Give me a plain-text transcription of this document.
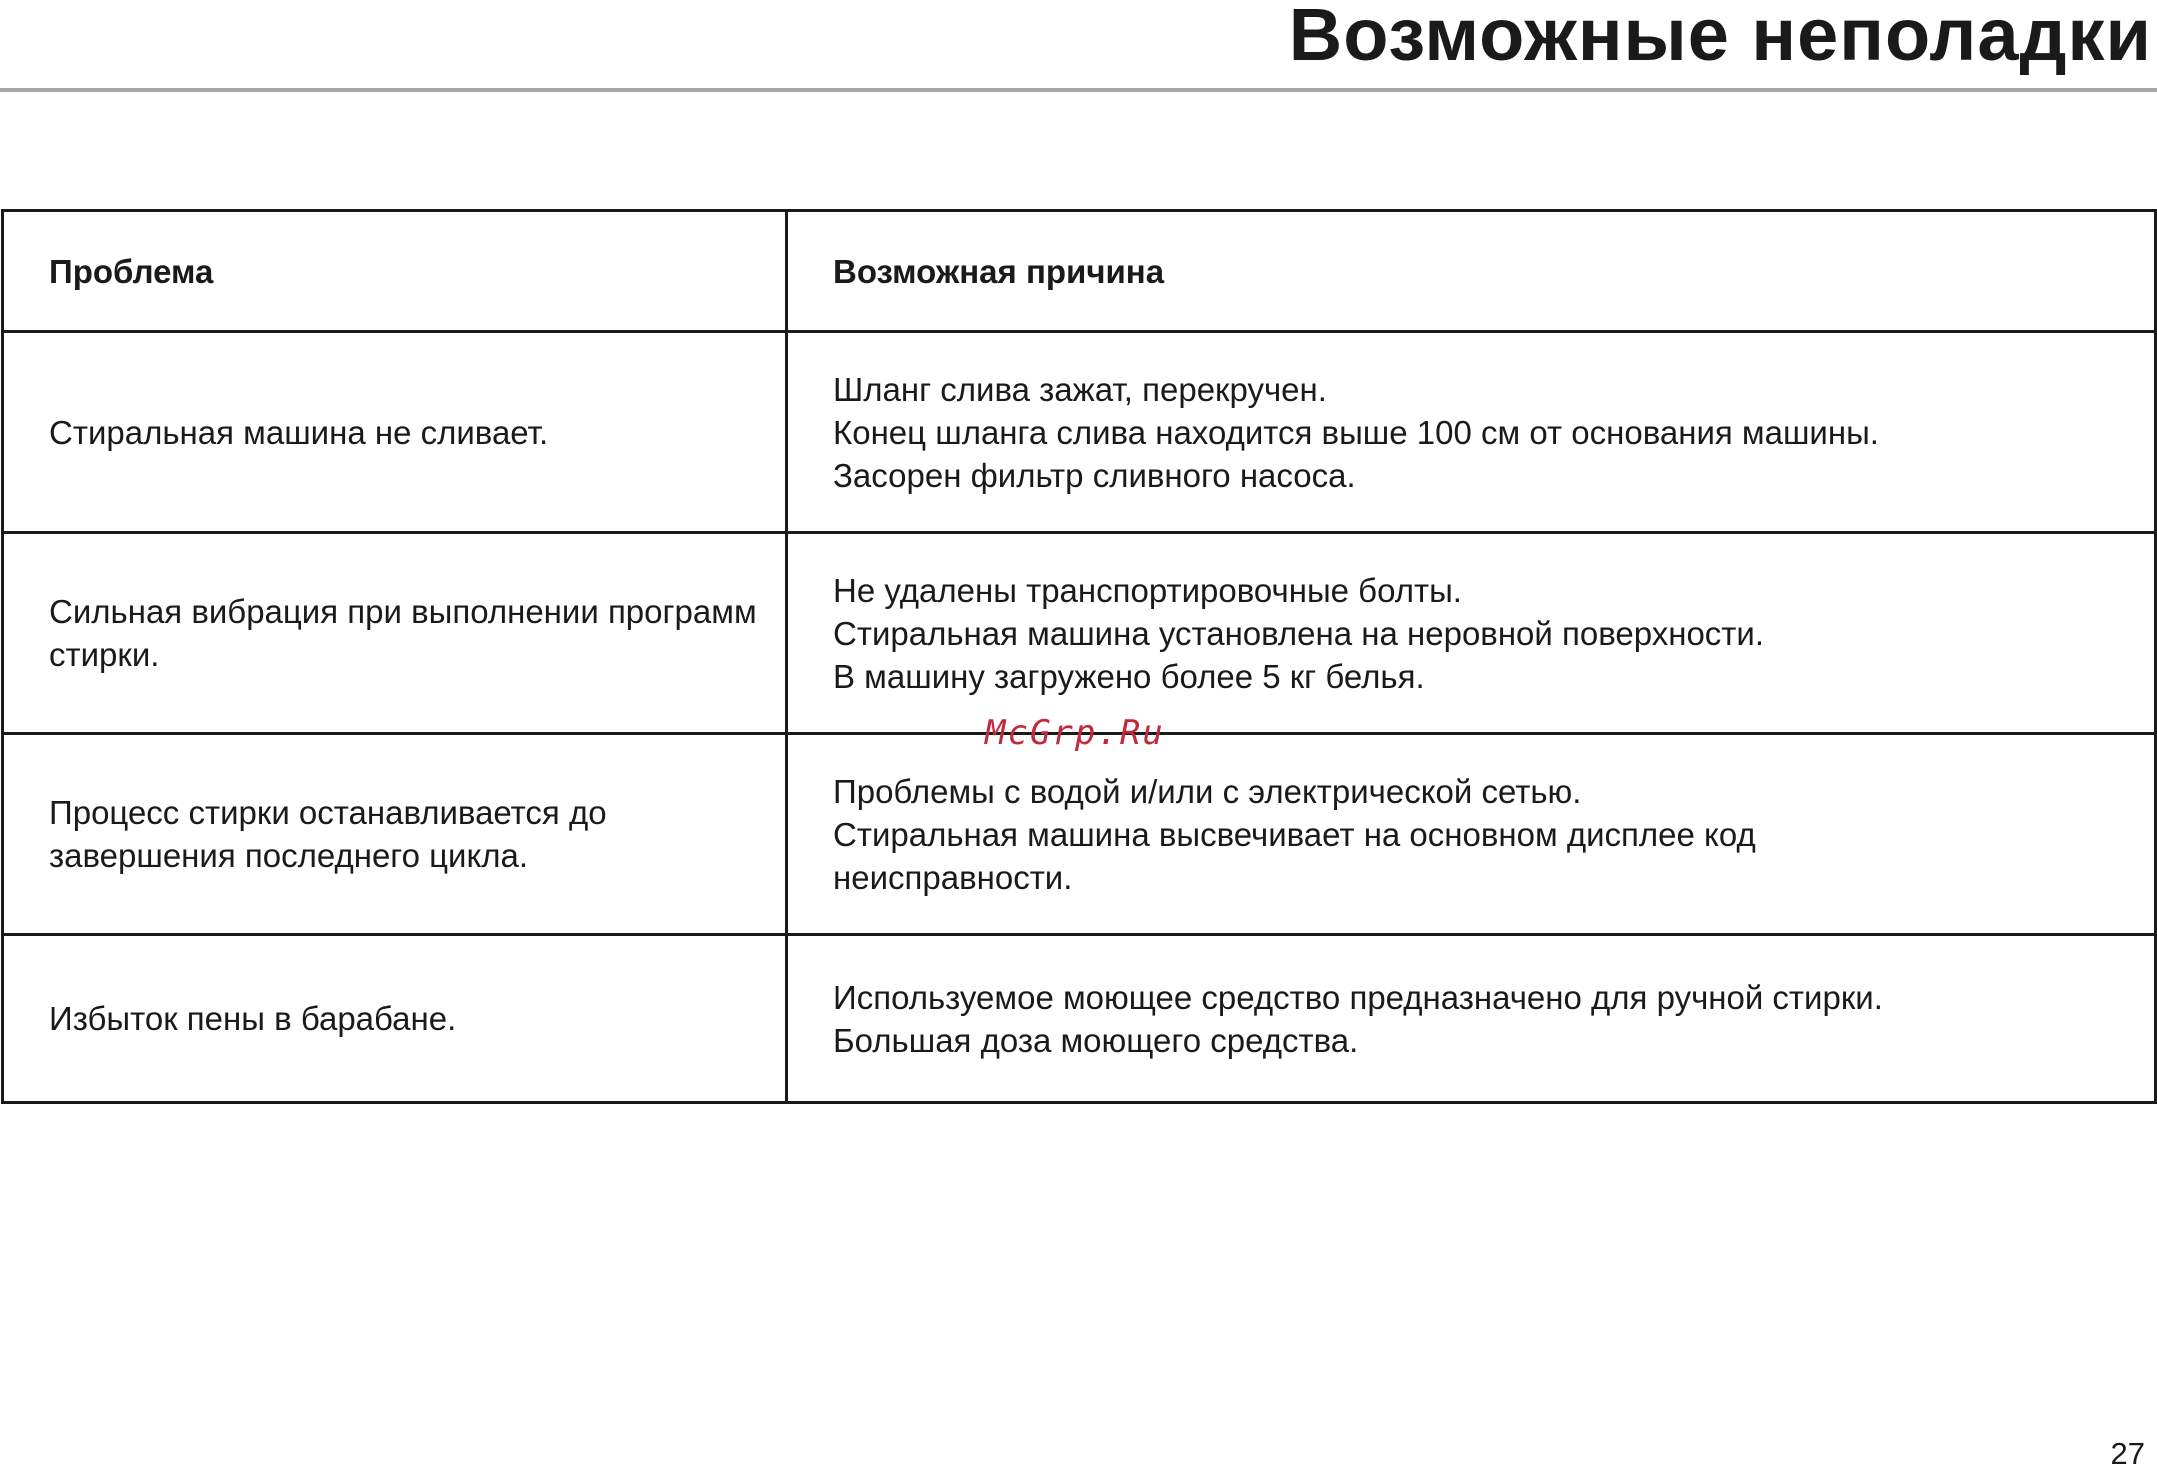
Возможные неполадки
Проблема	Возможная причина

Стиральная машина не сливает.	Шланг слива зажат, перекручен.
Конец шланга слива находится выше 100 см от основания машины.
Засорен фильтр сливного насоса.

Сильная вибрация при выполнении программ стирки.	Не удалены транспортировочные болты.
Стиральная машина установлена на неровной поверхности.
В машину загружено более 5 кг белья.

Процесс стирки останавливается до завершения последнего цикла.	Проблемы с водой и/или с электрической сетью.
Стиральная машина высвечивает на основном дисплее код
неисправности.

Избыток пены в барабане.	Используемое моющее средство предназначено для ручной стирки.
Большая доза моющего средства.
McGrp.Ru
27
